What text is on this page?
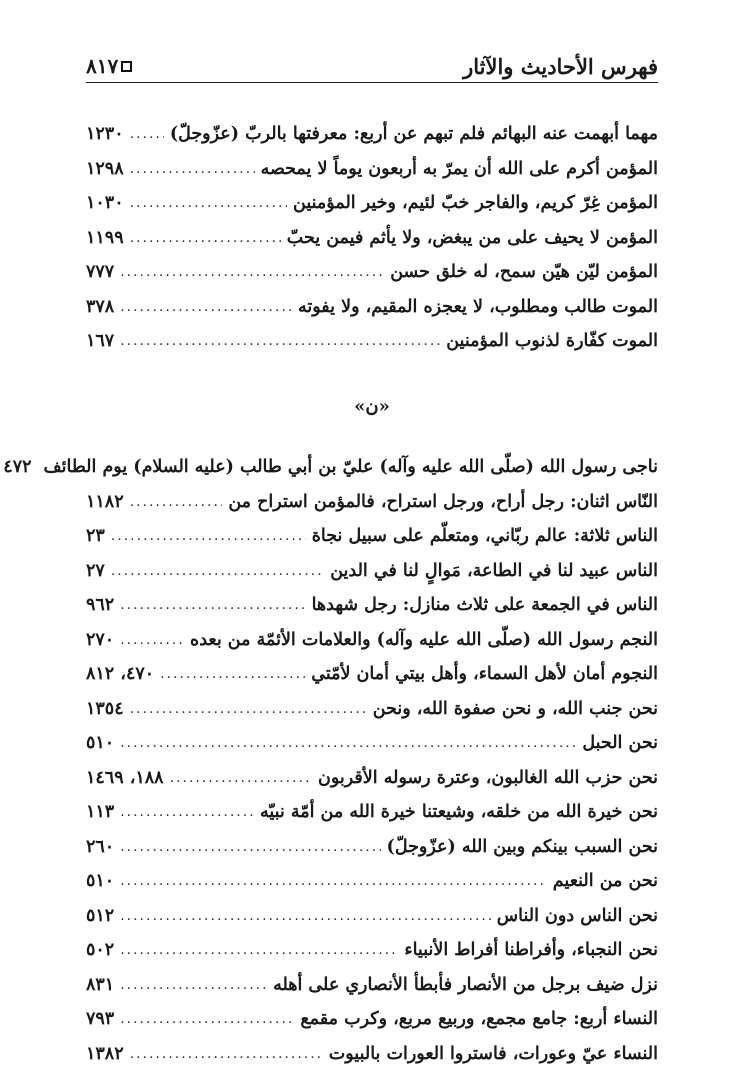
فهرس الأحاديث والآثار
٨١٧
مهما أبهمت عنه البهائم فلم تبهم عن أربع: معرفتها بالربّ (عزّوجلّ)
.....
١٢٣٠
المؤمن أكرم على الله أن يمرّ به أربعون يوماً لا يمحصه
.....
١٢٩٨
المؤمن غِرّ كريم، والفاجر خبّ لئيم، وخير المؤمنين
.....
١٠٣٠
المؤمن لا يحيف على من يبغض، ولا يأثم فيمن يحبّ
.....
١١٩٩
المؤمن ليّن هيّن سمح، له خلق حسن
.....
٧٧٧
الموت طالب ومطلوب، لا يعجزه المقيم، ولا يفوته
.....
٣٧٨
الموت كفّارة لذنوب المؤمنين
.....
١٦٧
«ن»
ناجى رسول الله (صلّى الله عليه وآله) عليّ بن أبي طالب (عليه السلام) يوم الطائف
٤٧٢
النّاس اثنان: رجل أراح، ورجل استراح، فالمؤمن استراح من
.....
١١٨٢
الناس ثلاثة: عالم ربّاني، ومتعلّم على سبيل نجاة
.....
٢٣
الناس عبيد لنا في الطاعة، مَوالٍ لنا في الدين
.....
٢٧
الناس في الجمعة على ثلاث منازل: رجل شهدها
.....
٩٦٢
النجم رسول الله (صلّى الله عليه وآله) والعلامات الأئمّة من بعده
.....
٢٧٠
النجوم أمان لأهل السماء، وأهل بيتي أمان لأمّتي
.....
٤٧٠، ٨١٢
نحن جنب الله، و نحن صفوة الله، ونحن
.....
١٣٥٤
نحن الحبل
.....
٥١٠
نحن حزب الله الغالبون، وعترة رسوله الأقربون
.....
١٨٨، ١٤٦٩
نحن خيرة الله من خلقه، وشيعتنا خيرة الله من أمّة نبيّه
.....
١١٣
نحن السبب بينكم وبين الله (عزّوجلّ)
.....
٢٦٠
نحن من النعيم
.....
٥١٠
نحن الناس دون الناس
.....
٥١٢
نحن النجباء، وأفراطنا أفراط الأنبياء
.....
٥٠٢
نزل ضيف برجل من الأنصار فأبطأ الأنصاري على أهله
.....
٨٣١
النساء أربع: جامع مجمع، وربيع مربع، وكرب مقمع
.....
٧٩٣
النساء عيّ وعورات، فاستروا العورات بالبيوت
.....
١٣٨٢
